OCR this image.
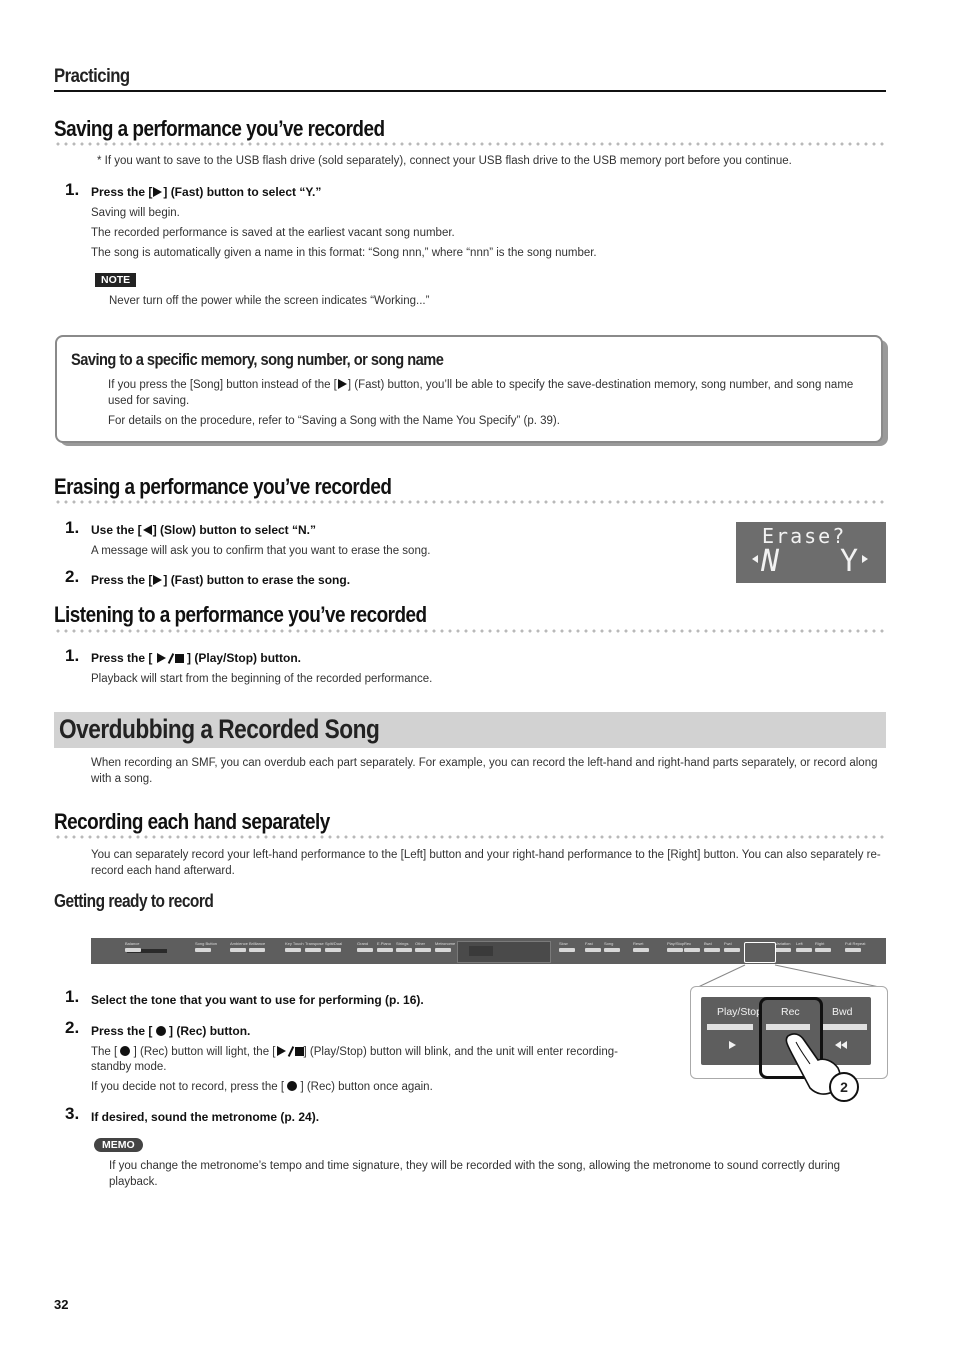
Practicing
Saving a performance you’ve recorded
* If you want to save to the USB flash drive (sold separately), connect your USB flash drive to the USB memory port before you continue.
1. Press the [ ] (Fast) button to select “Y.”
Saving will begin.
The recorded performance is saved at the earliest vacant song number.
The song is automatically given a name in this format: “Song nnn,” where “nnn” is the song number.
NOTE
Never turn off the power while the screen indicates “Working...”
Saving to a specific memory, song number, or song name
If you press the [Song] button instead of the [ ] (Fast) button, you’ll be able to specify the save-destination memory, song number, and song name used for saving.
For details on the procedure, refer to “Saving a Song with the Name You Specify” (p. 39).
Erasing a performance you’ve recorded
1. Use the [ ] (Slow) button to select “N.”
A message will ask you to confirm that you want to erase the song.
2. Press the [ ] (Fast) button to erase the song.
Erase?
N Y
Listening to a performance you’ve recorded
1. Press the [  ] (Play/Stop) button.
Playback will start from the beginning of the recorded performance.
Overdubbing a Recorded Song
When recording an SMF, you can overdub each part separately. For example, you can record the left-hand and right-hand parts separately, or record along with a song.
Recording each hand separately
You can separately record your left-hand performance to the [Left] button and your right-hand performance to the [Right] button. You can also separately re-record each hand afterward.
Getting ready to record
Balance	Song Button	Ambience Brilliance	Key Touch Transpose Split/Dual	Grand E.Piano Strings Other Metronome	Slow	Fast	Song	Reset	Play/Stop Rec	Bwd	Fwd	Variation Left	Right	Full Repeat
Play/Stop Rec	Bwd
2
1. Select the tone that you want to use for performing (p. 16).
2. Press the [  ] (Rec) button.
The [  ] (Rec) button will light, the [ ] (Play/Stop) button will blink, and the unit will enter recording-
standby mode.
If you decide not to record, press the [  ] (Rec) button once again.
3. If desired, sound the metronome (p. 24).
MEMO
If you change the metronome’s tempo and time signature, they will be recorded with the song, allowing the metronome to sound correctly during playback.
32
